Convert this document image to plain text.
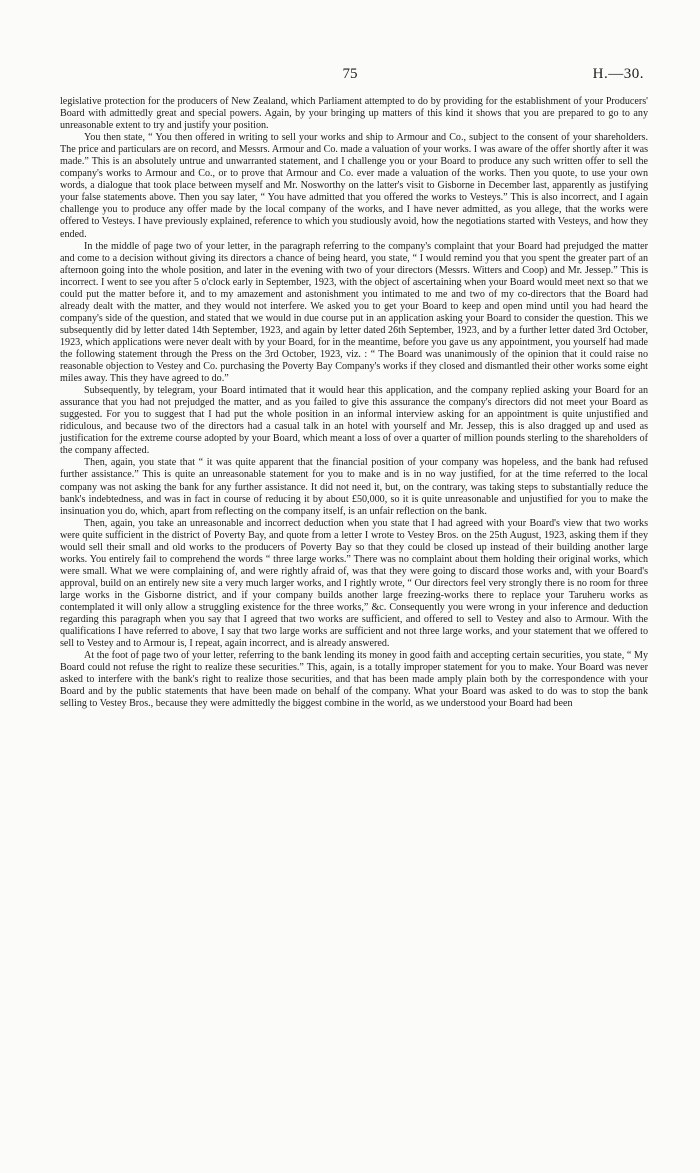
75	H.—30.

legislative protection for the producers of New Zealand, which Parliament attempted to do by providing for the establishment of your Producers' Board with admittedly great and special powers. Again, by your bringing up matters of this kind it shows that you are prepared to go to any unreasonable extent to try and justify your position.

You then state, “ You then offered in writing to sell your works and ship to Armour and Co., subject to the consent of your shareholders. The price and particulars are on record, and Messrs. Armour and Co. made a valuation of your works. I was aware of the offer shortly after it was made.” This is an absolutely untrue and unwarranted statement, and I challenge you or your Board to produce any such written offer to sell the company's works to Armour and Co., or to prove that Armour and Co. ever made a valuation of the works. Then you quote, to use your own words, a dialogue that took place between myself and Mr. Nosworthy on the latter's visit to Gisborne in December last, apparently as justifying your false statements above. Then you say later, “ You have admitted that you offered the works to Vesteys.” This is also incorrect, and I again challenge you to produce any offer made by the local company of the works, and I have never admitted, as you allege, that the works were offered to Vesteys. I have previously explained, reference to which you studiously avoid, how the negotiations started with Vesteys, and how they ended.

In the middle of page two of your letter, in the paragraph referring to the company's complaint that your Board had prejudged the matter and come to a decision without giving its directors a chance of being heard, you state, “ I would remind you that you spent the greater part of an afternoon going into the whole position, and later in the evening with two of your directors (Messrs. Witters and Coop) and Mr. Jessep.” This is incorrect. I went to see you after 5 o'clock early in September, 1923, with the object of ascertaining when your Board would meet next so that we could put the matter before it, and to my amazement and astonishment you intimated to me and two of my co-directors that the Board had already dealt with the matter, and they would not interfere. We asked you to get your Board to keep and open mind until you had heard the company's side of the question, and stated that we would in due course put in an application asking your Board to consider the question. This we subsequently did by letter dated 14th September, 1923, and again by letter dated 26th September, 1923, and by a further letter dated 3rd October, 1923, which applications were never dealt with by your Board, for in the meantime, before you gave us any appointment, you yourself had made the following statement through the Press on the 3rd October, 1923, viz. : “ The Board was unanimously of the opinion that it could raise no reasonable objection to Vestey and Co. purchasing the Poverty Bay Company's works if they closed and dismantled their other works some eight miles away. This they have agreed to do.”

Subsequently, by telegram, your Board intimated that it would hear this application, and the company replied asking your Board for an assurance that you had not prejudged the matter, and as you failed to give this assurance the company's directors did not meet your Board as suggested. For you to suggest that I had put the whole position in an informal interview asking for an appointment is quite unjustified and ridiculous, and because two of the directors had a casual talk in an hotel with yourself and Mr. Jessep, this is also dragged up and used as justification for the extreme course adopted by your Board, which meant a loss of over a quarter of million pounds sterling to the shareholders of the company affected.

Then, again, you state that “ it was quite apparent that the financial position of your company was hopeless, and the bank had refused further assistance.” This is quite an unreasonable statement for you to make and is in no way justified, for at the time referred to the local company was not asking the bank for any further assistance. It did not need it, but, on the contrary, was taking steps to substantially reduce the bank's indebtedness, and was in fact in course of reducing it by about £50,000, so it is quite unreasonable and unjustified for you to make the insinuation you do, which, apart from reflecting on the company itself, is an unfair reflection on the bank.

Then, again, you take an unreasonable and incorrect deduction when you state that I had agreed with your Board's view that two works were quite sufficient in the district of Poverty Bay, and quote from a letter I wrote to Vestey Bros. on the 25th August, 1923, asking them if they would sell their small and old works to the producers of Poverty Bay so that they could be closed up instead of their building another large works. You entirely fail to comprehend the words “ three large works.” There was no complaint about them holding their original works, which were small. What we were complaining of, and were rightly afraid of, was that they were going to discard those works and, with your Board's approval, build on an entirely new site a very much larger works, and I rightly wrote, “ Our directors feel very strongly there is no room for three large works in the Gisborne district, and if your company builds another large freezing-works there to replace your Taruheru works as contemplated it will only allow a struggling existence for the three works,” &c. Consequently you were wrong in your inference and deduction regarding this paragraph when you say that I agreed that two works are sufficient, and offered to sell to Vestey and also to Armour. With the qualifications I have referred to above, I say that two large works are sufficient and not three large works, and your statement that we offered to sell to Vestey and to Armour is, I repeat, again incorrect, and is already answered.

At the foot of page two of your letter, referring to the bank lending its money in good faith and accepting certain securities, you state, “ My Board could not refuse the right to realize these securities.” This, again, is a totally improper statement for you to make. Your Board was never asked to interfere with the bank's right to realize those securities, and that has been made amply plain both by the correspondence with your Board and by the public statements that have been made on behalf of the company. What your Board was asked to do was to stop the bank selling to Vestey Bros., because they were admittedly the biggest combine in the world, as we understood your Board had been
